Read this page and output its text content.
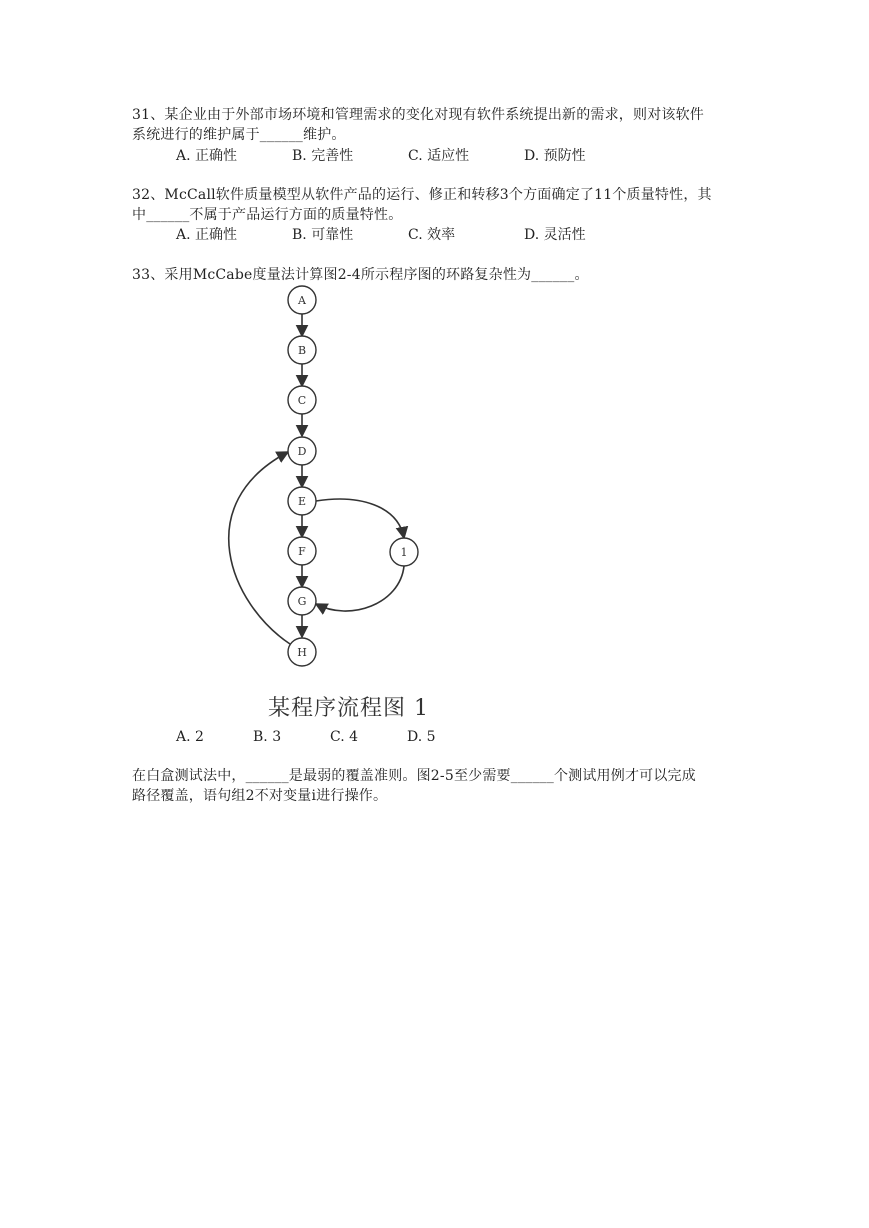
31、某企业由于外部市场环境和管理需求的变化对现有软件系统提出新的需求，则对该软件
系统进行的维护属于______维护。
A. 正确性	B. 完善性	C. 适应性	D. 预防性
32、McCall软件质量模型从软件产品的运行、修正和转移3个方面确定了11个质量特性，其
中______不属于产品运行方面的质量特性。
A. 正确性	B. 可靠性	C. 效率	D. 灵活性
33、采用McCabe度量法计算图2-4所示程序图的环路复杂性为______。
A
B
C
D
E
F
G
H
1
某程序流程图 1
A. 2	B. 3	C. 4	D. 5
在白盒测试法中，______是最弱的覆盖准则。图2-5至少需要______个测试用例才可以完成
路径覆盖，语句组2不对变量i进行操作。
